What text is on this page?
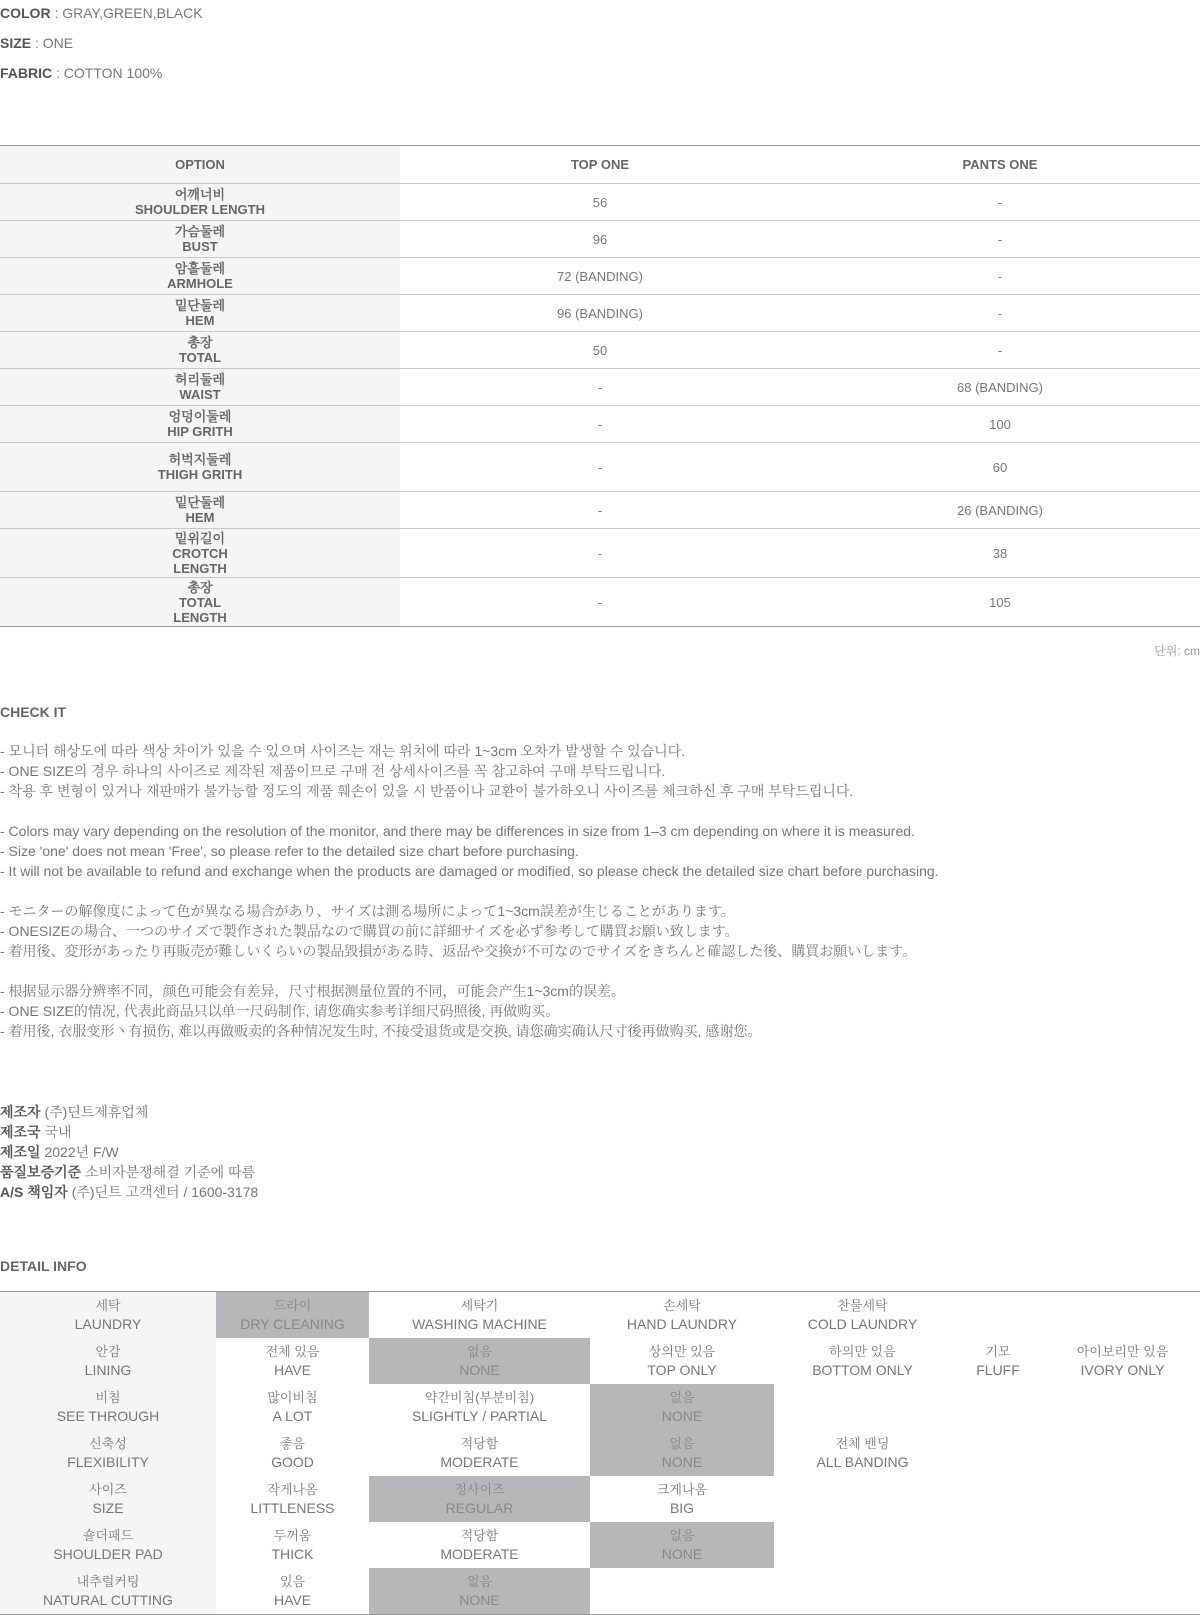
COLOR : GRAY,GREEN,BLACK
SIZE : ONE
FABRIC : COTTON 100%
OPTION	TOP ONE	PANTS ONE

어깨너비
SHOULDER LENGTH	56	-

가슴둘레
BUST	96	-

암홀둘레
ARMHOLE	72 (BANDING)	-

밑단둘레
HEM	96 (BANDING)	-

총장
TOTAL	50	-

허리둘레
WAIST	-	68 (BANDING)

엉덩이둘레
HIP GRITH	-	100

허벅지둘레
THIGH GRITH	-	60

밑단둘레
HEM	-	26 (BANDING)

밑위길이
CROTCH LENGTH	-	38

총장
TOTAL LENGTH	-	105
단위: cm
CHECK IT
- 모니터 해상도에 따라 색상 차이가 있을 수 있으며 사이즈는 재는 위치에 따라 1~3cm 오차가 발생할 수 있습니다.
- ONE SIZE의 경우 하나의 사이즈로 제작된 제품이므로 구매 전 상세사이즈를 꼭 참고하여 구매 부탁드립니다.
- 착용 후 변형이 있거나 재판매가 불가능할 정도의 제품 훼손이 있을 시 반품이나 교환이 불가하오니 사이즈를 체크하신 후 구매 부탁드립니다.
- Colors may vary depending on the resolution of the monitor, and there may be differences in size from 1–3 cm depending on where it is measured.
- Size 'one' does not mean 'Free', so please refer to the detailed size chart before purchasing.
- It will not be available to refund and exchange when the products are damaged or modified, so please check the detailed size chart before purchasing.
- モニターの解像度によって色が異なる場合があり、サイズは測る場所によって1~3cm誤差が生じることがあります。
- ONESIZEの場合、一つのサイズで製作された製品なので購買の前に詳細サイズを必ず参考して購買お願い致します。
- 着用後、変形があったり再販売が難しいくらいの製品毀損がある時、返品や交換が不可なのでサイズをきちんと確認した後、購買お願いします。
- 根据显示器分辨率不同，颜色可能会有差异，尺寸根据测量位置的不同，可能会产生1~3cm的误差。
- ONE SIZE的情况, 代表此商品只以单一尺码制作, 请您确实参考详细尺码照後, 再做购买。
- 着用後, 衣服变形丶有损伤, 难以再做贩卖的各种情况发生时, 不接受退货或是交换, 请您确实确认尺寸後再做购买, 感谢您。
제조자 (주)딘트제휴업체
제조국 국내
제조일 2022년 F/W
품질보증기준 소비자분쟁해결 기준에 따름
A/S 책임자 (주)딘트 고객센터 / 1600-3178
DETAIL INFO
세탁
LAUNDRY	드라이
DRY CLEANING	세탁기
WASHING MACHINE	손세탁
HAND LAUNDRY	찬물세탁
COLD LAUNDRY		

안감
LINING	전체 있음
HAVE	없음
NONE	상의만 있음
TOP ONLY	하의만 있음
BOTTOM ONLY	기모
FLUFF	아이보리만 있음
IVORY ONLY

비침
SEE THROUGH	많이비침
A LOT	약간비침(부분비침)
SLIGHTLY / PARTIAL	없음
NONE			

신축성
FLEXIBILITY	좋음
GOOD	적당함
MODERATE	없음
NONE	전체 밴딩
ALL BANDING		

사이즈
SIZE	작게나옴
LITTLENESS	정사이즈
REGULAR	크게나옴
BIG			

숄더패드
SHOULDER PAD	두꺼움
THICK	적당함
MODERATE	없음
NONE			

내추럴커팅
NATURAL CUTTING	있음
HAVE	없음
NONE				
